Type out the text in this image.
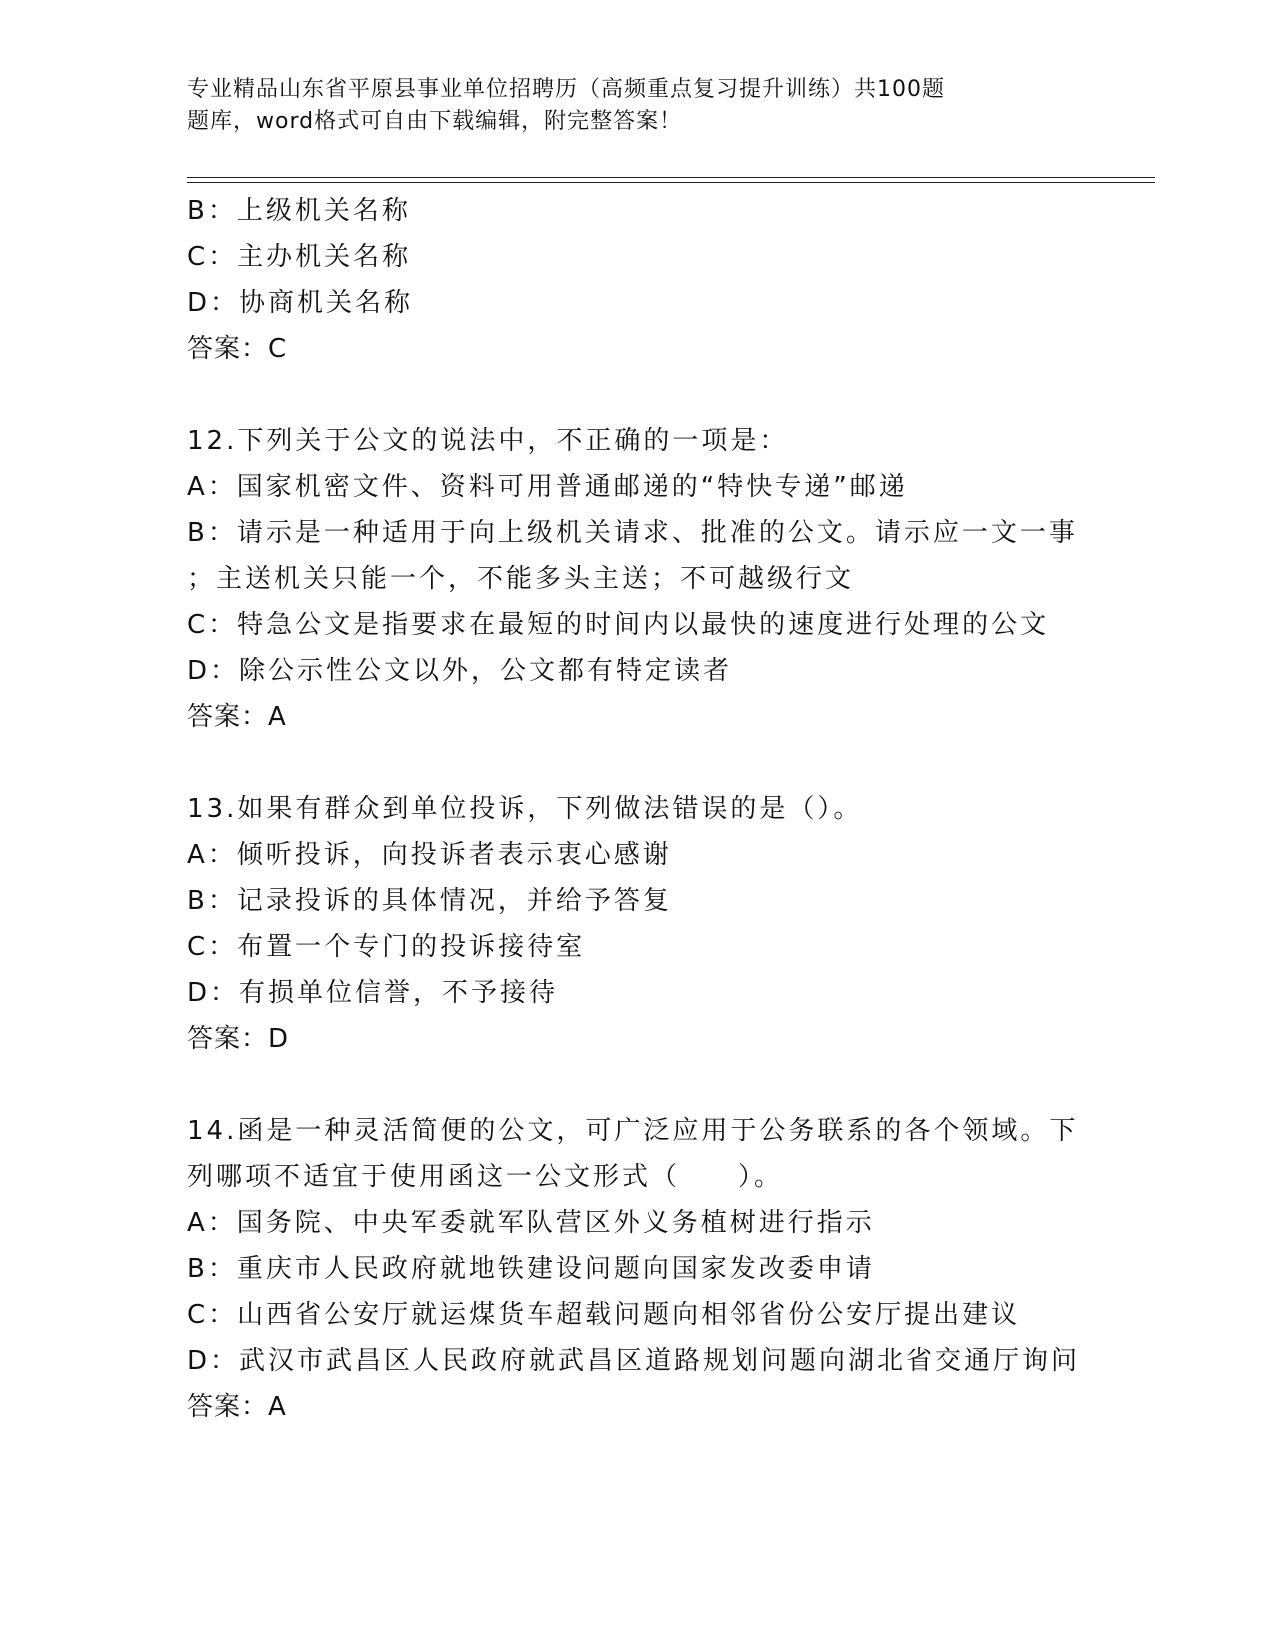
专业精品山东省平原县事业单位招聘历（高频重点复习提升训练）共100题
题库，word格式可自由下载编辑，附完整答案！
B：上级机关名称
C：主办机关名称
D：协商机关名称
答案：C
12.下列关于公文的说法中，不正确的一项是：
A：国家机密文件、资料可用普通邮递的“特快专递”邮递
B：请示是一种适用于向上级机关请求、批准的公文。请示应一文一事
；主送机关只能一个，不能多头主送；不可越级行文
C：特急公文是指要求在最短的时间内以最快的速度进行处理的公文
D：除公示性公文以外，公文都有特定读者
答案：A
13.如果有群众到单位投诉，下列做法错误的是（）。
A：倾听投诉，向投诉者表示衷心感谢
B：记录投诉的具体情况，并给予答复
C：布置一个专门的投诉接待室
D：有损单位信誉，不予接待
答案：D
14.函是一种灵活简便的公文，可广泛应用于公务联系的各个领域。下
列哪项不适宜于使用函这一公文形式（　　）。
A：国务院、中央军委就军队营区外义务植树进行指示
B：重庆市人民政府就地铁建设问题向国家发改委申请
C：山西省公安厅就运煤货车超载问题向相邻省份公安厅提出建议
D：武汉市武昌区人民政府就武昌区道路规划问题向湖北省交通厅询问
答案：A
